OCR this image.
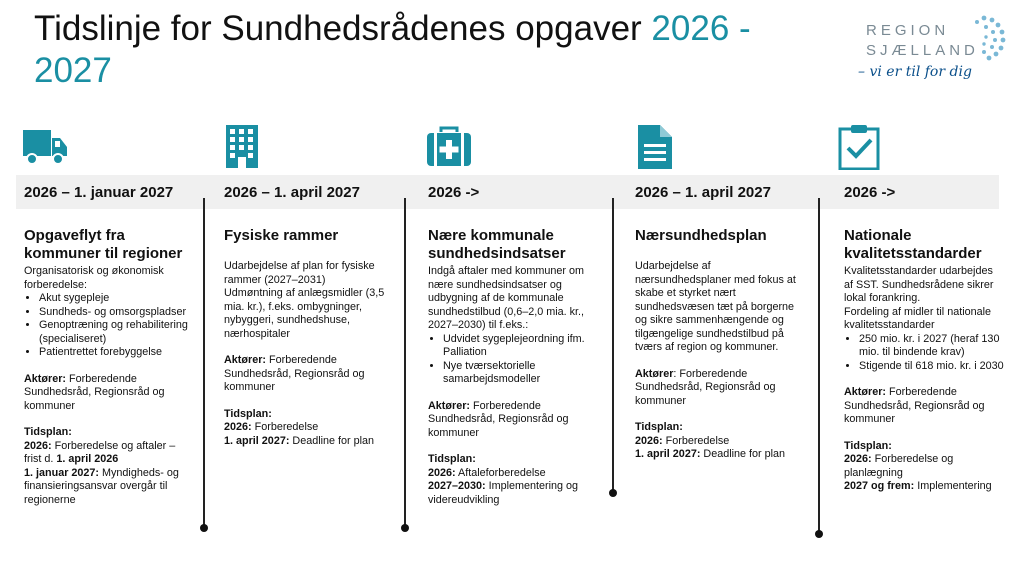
Tidslinje for Sundhedsrådenes opgaver 2026 - 2027
REGION
SJÆLLAND
– vi er til for dig
2026 – 1. januar 2027	2026 – 1. april 2027	2026 ->	2026 – 1. april 2027	2026 ->
Opgaveflyt fra kommuner til regioner

Organisatorisk og økonomisk forberedelse:

• Akut sygepleje
• Sundheds- og omsorgspladser
• Genoptræning og rehabilitering (specialiseret)
• Patientrettet forebyggelse

Aktører: Forberedende Sundhedsråd, Regionsråd og kommuner

Tidsplan:

2026: Forberedelse og aftaler – frist d. 1. april 2026

1. januar 2027: Myndigheds- og finansieringsansvar overgår til regionerne

Fysiske rammer

Udarbejdelse af plan for fysiske rammer (2027–2031)

Udmøntning af anlægsmidler (3,5 mia. kr.), f.eks. ombygninger, nybyggeri, sundhedshuse, nærhospitaler

Aktører: Forberedende Sundhedsråd, Regionsråd og kommuner

Tidsplan:

2026: Forberedelse

1. april 2027: Deadline for plan

Nære kommunale sundhedsindsatser

Indgå aftaler med kommuner om nære sundhedsindsatser og udbygning af de kommunale sundhedstilbud (0,6–2,0 mia. kr., 2027–2030) til f.eks.:

• Udvidet sygeplejeordning ifm. Palliation
• Nye tværsektorielle samarbejdsmodeller

Aktører: Forberedende Sundhedsråd, Regionsråd og kommuner

Tidsplan:

2026: Aftaleforberedelse

2027–2030: Implementering og videreudvikling

Nærsundhedsplan

Udarbejdelse af nærsundhedsplaner med fokus at skabe et styrket nært sundhedsvæsen tæt på borgerne og sikre sammenhængende og tilgængelige sundhedstilbud på tværs af region og kommuner.

Aktører: Forberedende Sundhedsråd, Regionsråd og kommuner

Tidsplan:

2026: Forberedelse

1. april 2027: Deadline for plan

Nationale kvalitetsstandarder

Kvalitetsstandarder udarbejdes af SST. Sundhedsrådene sikrer lokal forankring.

Fordeling af midler til nationale kvalitetsstandarder

• 250 mio. kr. i 2027 (heraf 130 mio. til bindende krav)
• Stigende til 618 mio. kr. i 2030

Aktører: Forberedende Sundhedsråd, Regionsråd og kommuner

Tidsplan:

2026: Forberedelse og planlægning

2027 og frem: Implementering
